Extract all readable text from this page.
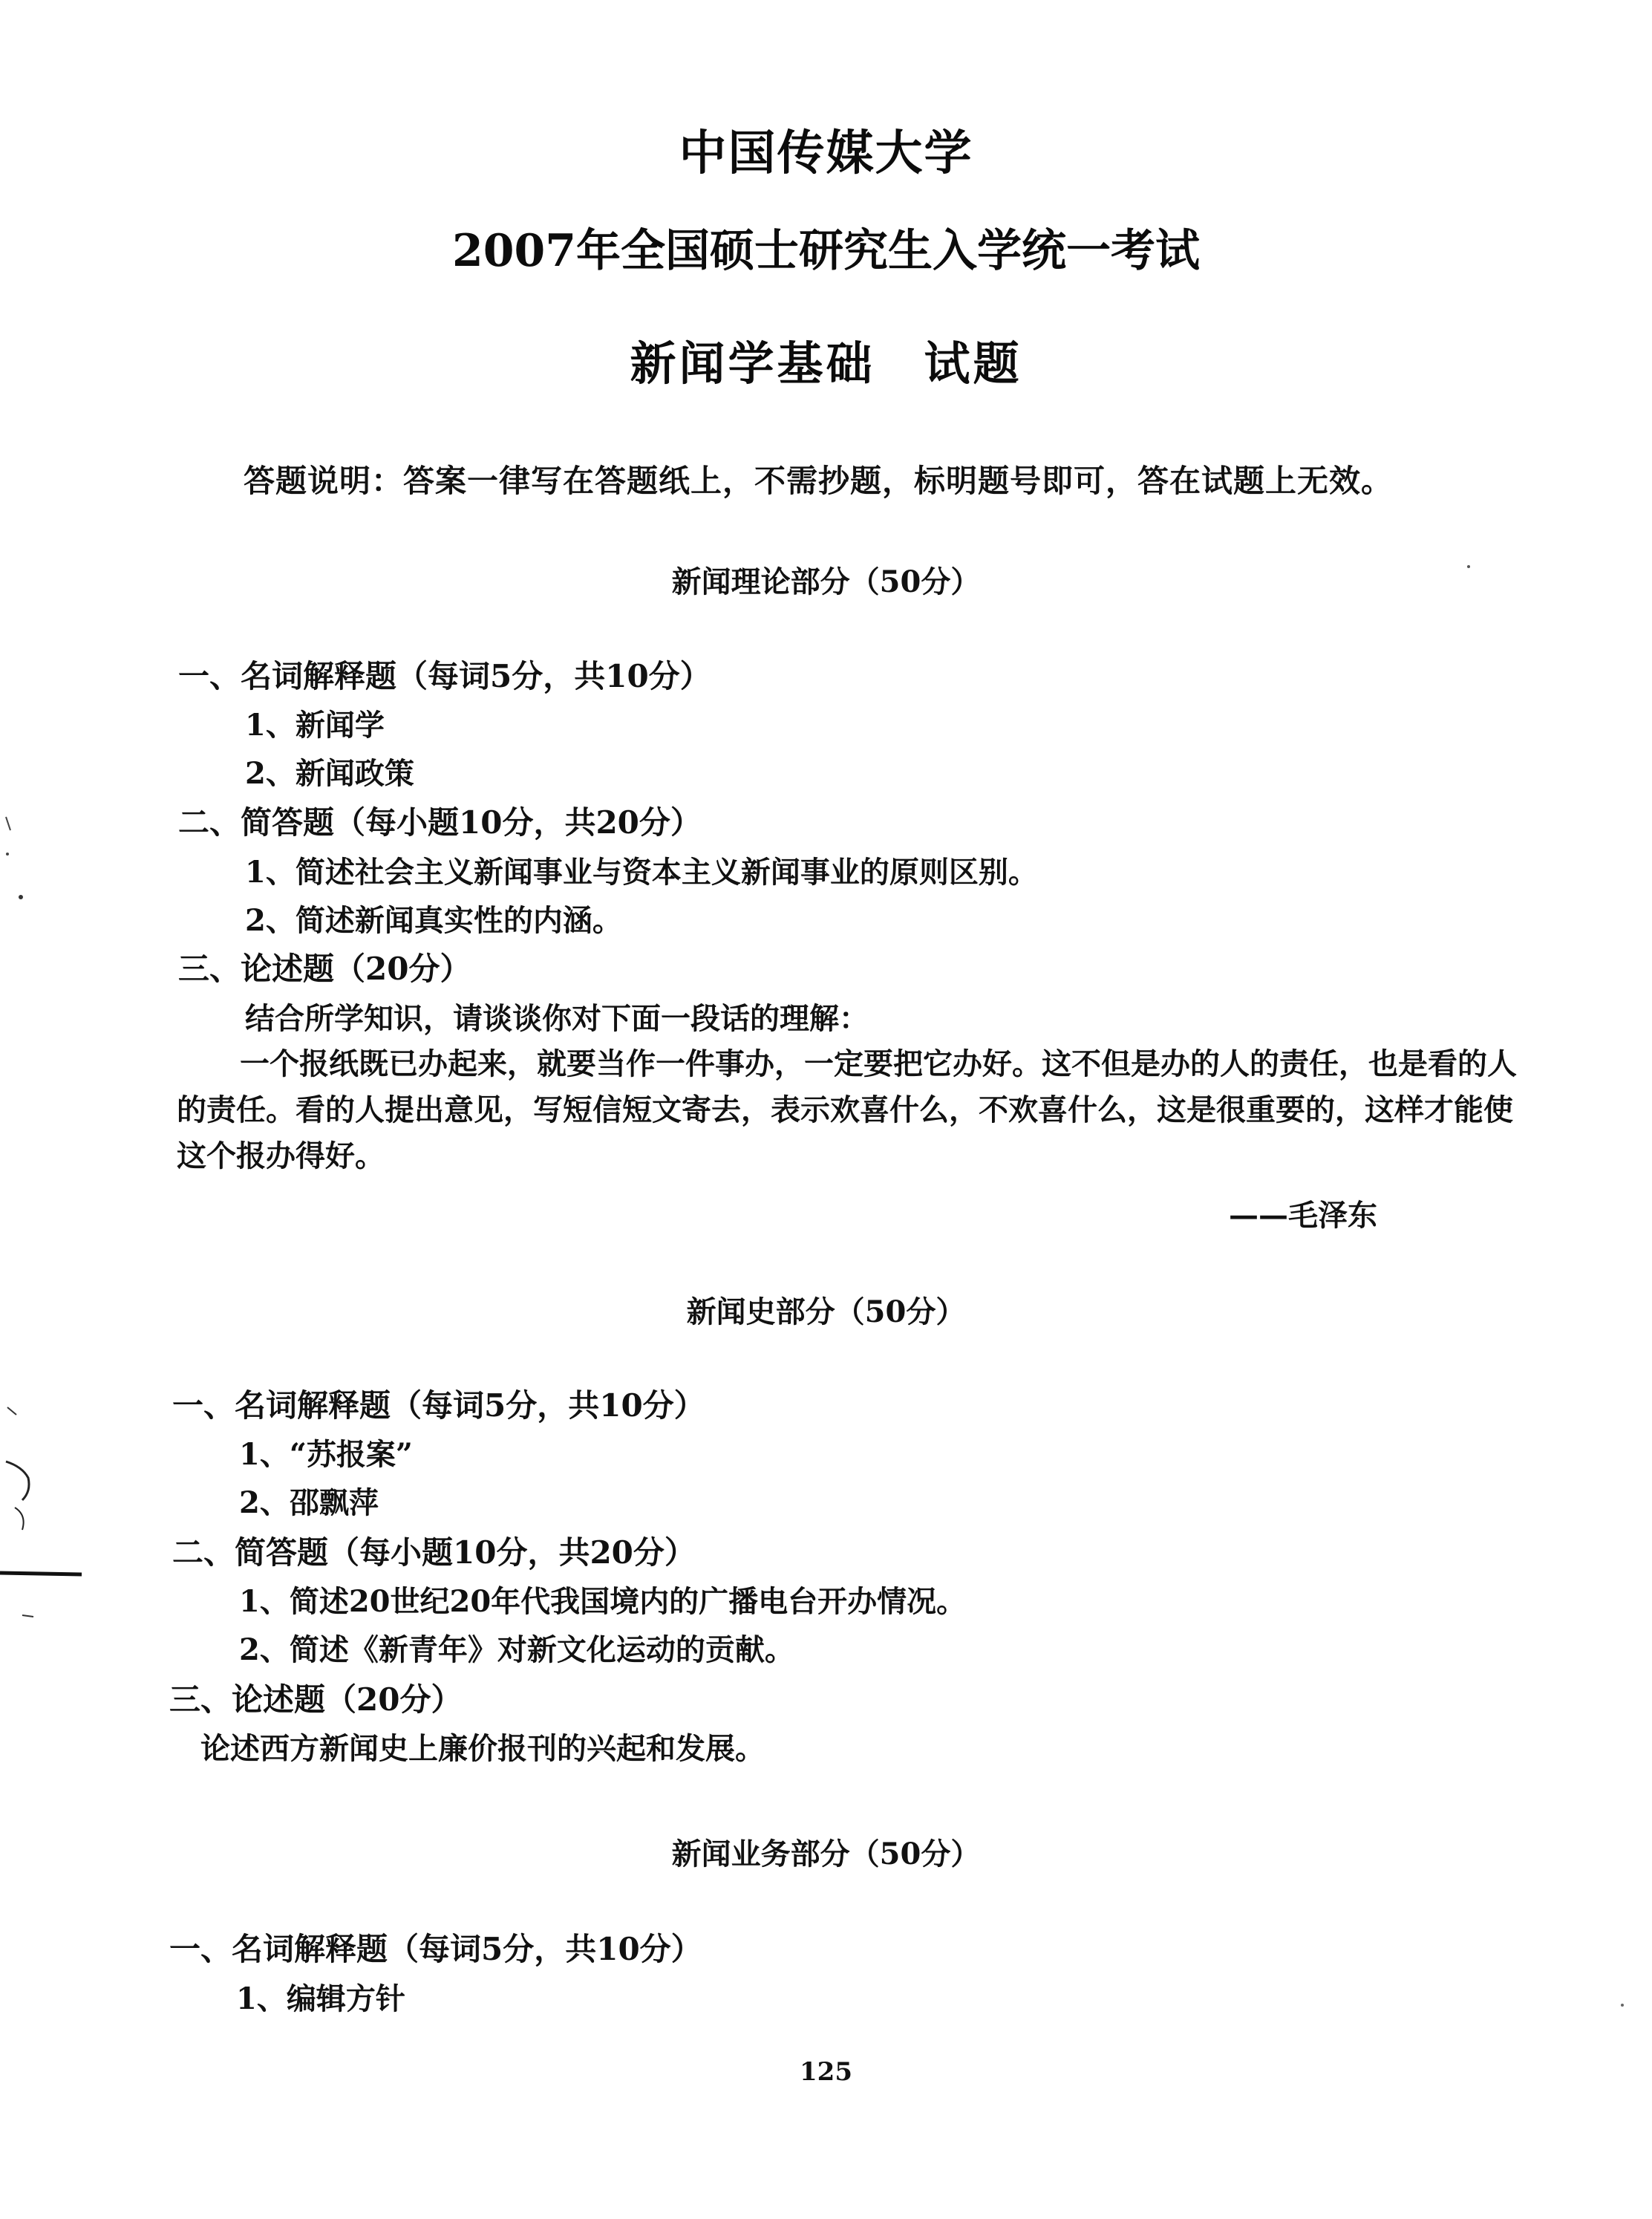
中国传媒大学
2007年全国硕士研究生入学统一考试
新闻学基础　试题
答题说明：答案一律写在答题纸上，不需抄题，标明题号即可，答在试题上无效。
新闻理论部分（50分）
一、名词解释题（每词5分，共10分）
1、新闻学
2、新闻政策
二、简答题（每小题10分，共20分）
1、简述社会主义新闻事业与资本主义新闻事业的原则区别。
2、简述新闻真实性的内涵。
三、论述题（20分）
结合所学知识，请谈谈你对下面一段话的理解：

一个报纸既已办起来，就要当作一件事办，一定要把它办好。这不但是办的人的责任，也是看的人的责任。看的人提出意见，写短信短文寄去，表示欢喜什么，不欢喜什么，这是很重要的，这样才能使这个报办得好。

——毛泽东
新闻史部分（50分）
一、名词解释题（每词5分，共10分）
1、“苏报案”
2、邵飘萍
二、简答题（每小题10分，共20分）
1、简述20世纪20年代我国境内的广播电台开办情况。
2、简述《新青年》对新文化运动的贡献。
三、论述题（20分）
论述西方新闻史上廉价报刊的兴起和发展。
新闻业务部分（50分）
一、名词解释题（每词5分，共10分）
1、编辑方针
125
